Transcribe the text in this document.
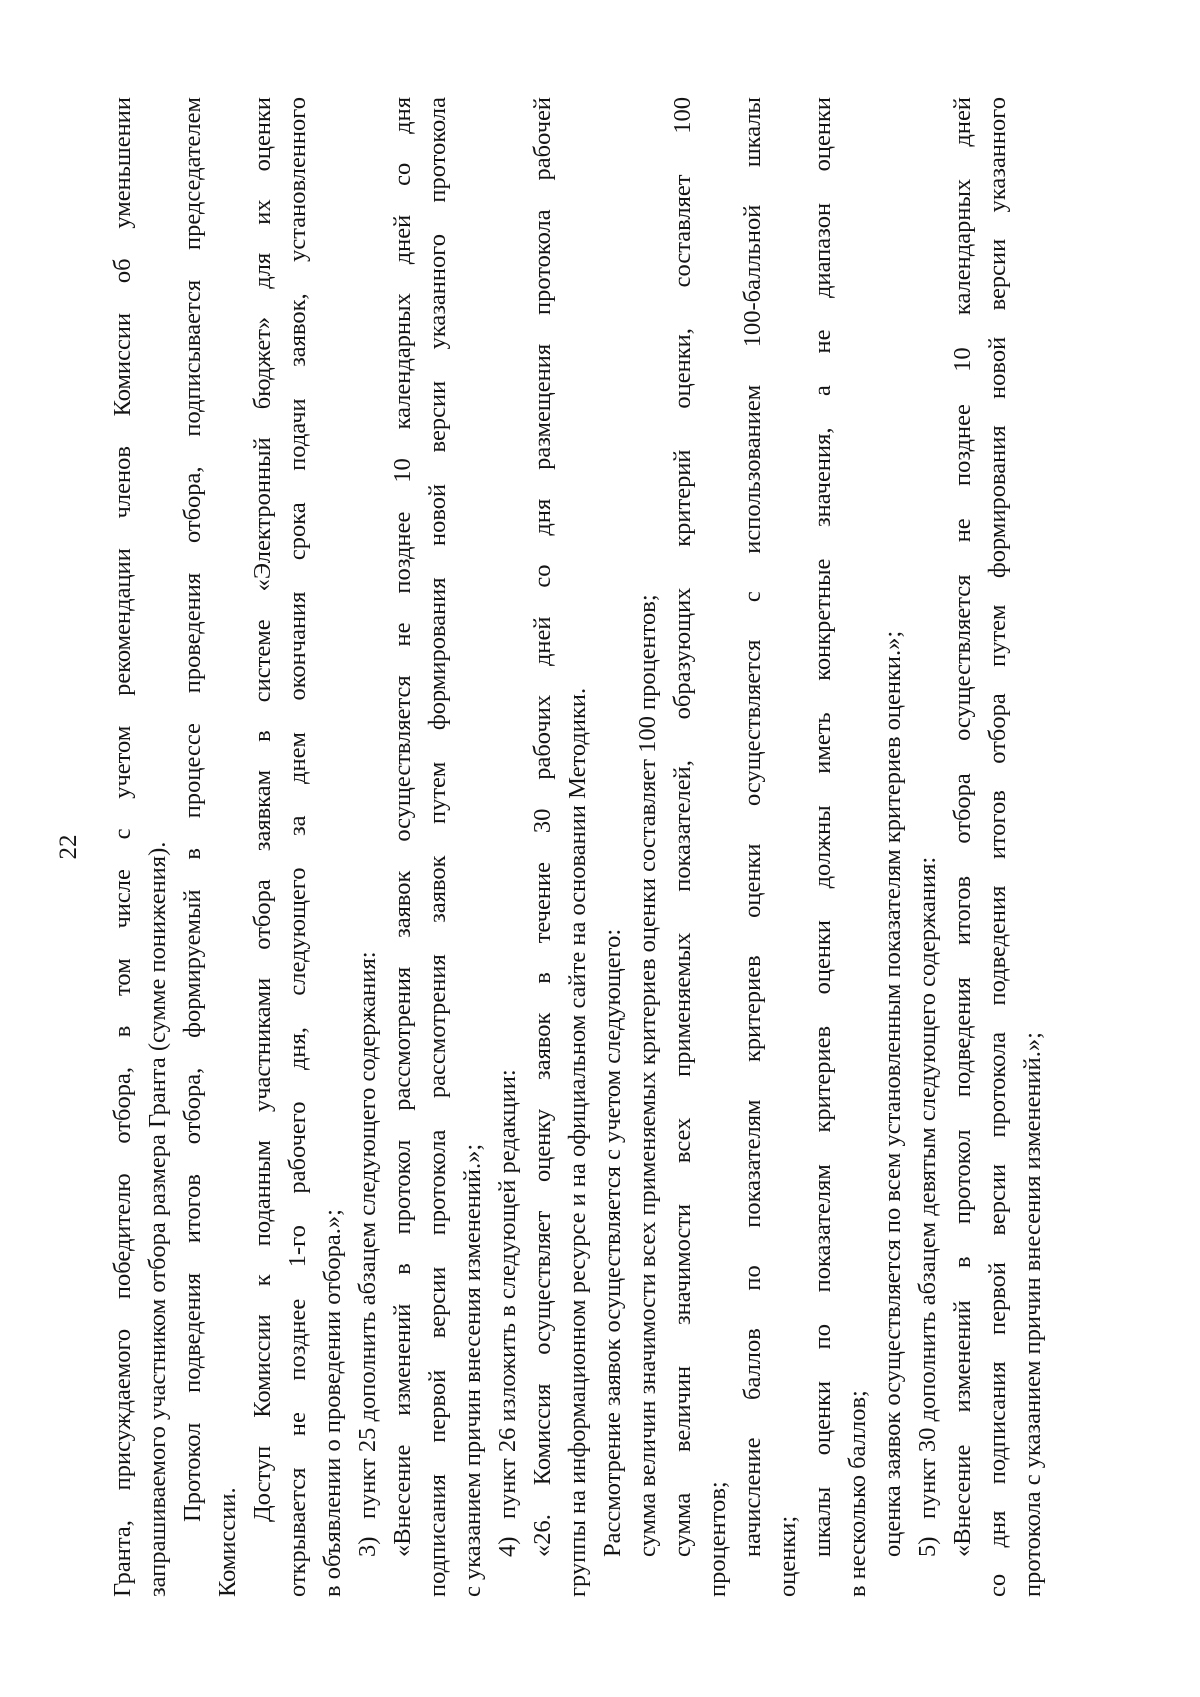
22 Гранта, присуждаемого победителю отбора, в том числе с учетом рекомендации членов Комиссии об уменьшении запрашиваемого участником отбора размера Гранта (сумме понижения). Протокол подведения итогов отбора, формируемый в процессе проведения отбора, подписывается председателем
Комиссии.
Доступ Комиссии к поданным участниками отбора заявкам в системе «Электронный бюджет» для их оценки открывается не позднее 1-го рабочего дня, следующего за днем окончания срока подачи заявок, установленного в объявлении о проведении отбора.»; 3)пункт 25 дополнить абзацем следующего содержания: «Внесение изменений в протокол рассмотрения заявок осуществляется не позднее 10 календарных дней со дня подписания первой версии протокола рассмотрения заявок путем формирования новой версии указанного протокола с указанием причин внесения изменений.»; 4)пункт 26 изложить в следующей редакции: «26. Комиссия осуществляет оценку заявок в течение 30 рабочих дней со дня размещения протокола рабочей группы на информационном ресурсе и на официальном сайте на основании Методики. Рассмотрение заявок осуществляется с учетом следующего: сумма величин значимости всех применяемых критериев оценки составляет 100 процентов; сумма величин значимости всех применяемых показателей, образующих критерий оценки, составляет 100 процентов; начисление баллов по показателям критериев оценки осуществляется с использованием 100-балльной шкалы оценки; шкалы оценки по показателям критериев оценки должны иметь конкретные значения, а не диапазон оценки в несколько баллов; оценка заявок осуществляется по всем установленным показателям критериев оценки.»; 5)пункт 30 дополнить абзацем девятым следующего содержания: «Внесение изменений в протокол подведения итогов отбора осуществляется не позднее 10 календарных дней со дня подписания первой версии протокола подведения итогов отбора путем формирования новой версии указанного протокола с указанием причин внесения изменений.»;
